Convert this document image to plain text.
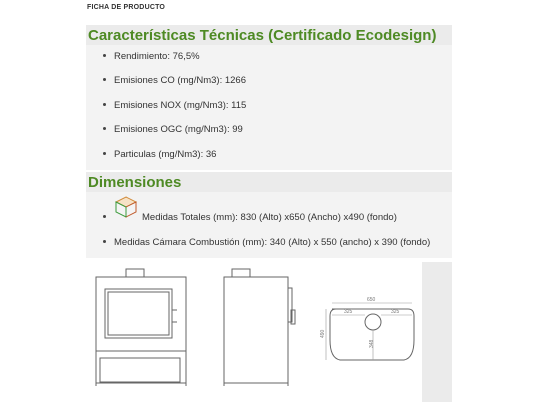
FICHA DE PRODUCTO
Características Técnicas (Certificado Ecodesign)
Rendimiento: 76,5%
Emisiones CO (mg/Nm3): 1266
Emisiones NOX (mg/Nm3): 115
Emisiones OGC (mg/Nm3): 99
Particulas (mg/Nm3): 36
Dimensiones
Medidas Totales (mm): 830 (Alto) x650 (Ancho) x490 (fondo)
Medidas Cámara Combustión (mm): 340 (Alto) x 550 (ancho) x 390 (fondo)
650
325	325
490
348
